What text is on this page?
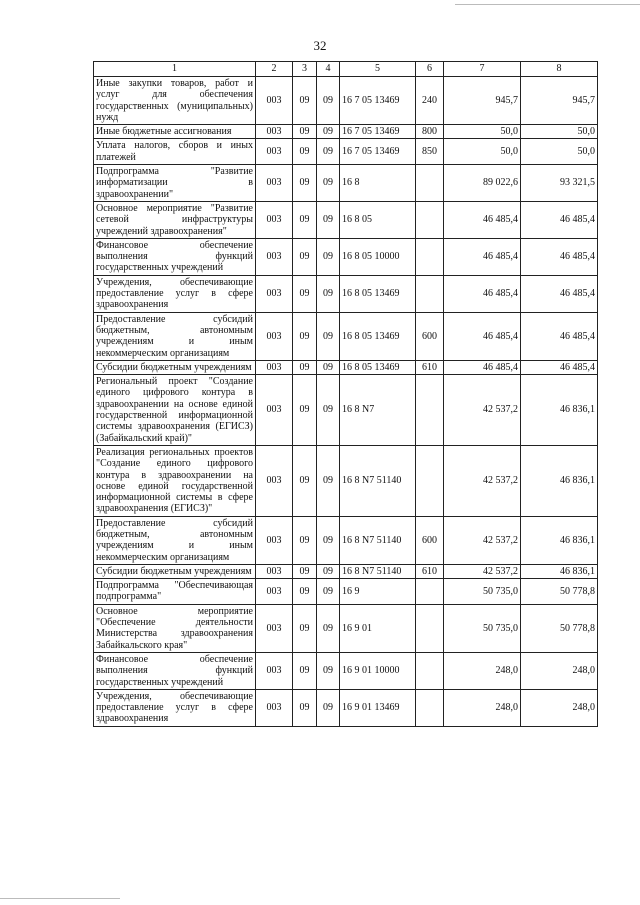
32
1	2	3	4	5	6	7	8
Иные закупки товаров, работ и услуг для обеспечения государственных (муниципальных) нужд	003	09	09	16 7 05 13469	240	945,7	945,7
Иные бюджетные ассигнования	003	09	09	16 7 05 13469	800	50,0	50,0
Уплата налогов, сборов и иных платежей	003	09	09	16 7 05 13469	850	50,0	50,0
Подпрограмма "Развитие информатизации в здравоохранении"	003	09	09	16 8		89 022,6	93 321,5
Основное мероприятие "Развитие сетевой инфраструктуры учреждений здравоохранения"	003	09	09	16 8 05		46 485,4	46 485,4
Финансовое обеспечение выполнения функций государственных учреждений	003	09	09	16 8 05 10000		46 485,4	46 485,4
Учреждения, обеспечивающие предоставление услуг в сфере здравоохранения	003	09	09	16 8 05 13469		46 485,4	46 485,4
Предоставление субсидий бюджетным, автономным учреждениям и иным некоммерческим организациям	003	09	09	16 8 05 13469	600	46 485,4	46 485,4
Субсидии бюджетным учреждениям	003	09	09	16 8 05 13469	610	46 485,4	46 485,4
Региональный проект "Создание единого цифрового контура в здравоохранении на основе единой государственной информационной системы здравоохранения (ЕГИСЗ) (Забайкальский край)"	003	09	09	16 8 N7		42 537,2	46 836,1
Реализация региональных проектов "Создание единого цифрового контура в здравоохранении на основе единой государственной информационной системы в сфере здравоохранения (ЕГИСЗ)"	003	09	09	16 8 N7 51140		42 537,2	46 836,1
Предоставление субсидий бюджетным, автономным учреждениям и иным некоммерческим организациям	003	09	09	16 8 N7 51140	600	42 537,2	46 836,1
Субсидии бюджетным учреждениям	003	09	09	16 8 N7 51140	610	42 537,2	46 836,1
Подпрограмма "Обеспечивающая подпрограмма"	003	09	09	16 9		50 735,0	50 778,8
Основное мероприятие "Обеспечение деятельности Министерства здравоохранения Забайкальского края"	003	09	09	16 9 01		50 735,0	50 778,8
Финансовое обеспечение выполнения функций государственных учреждений	003	09	09	16 9 01 10000		248,0	248,0
Учреждения, обеспечивающие предоставление услуг в сфере здравоохранения	003	09	09	16 9 01 13469		248,0	248,0
